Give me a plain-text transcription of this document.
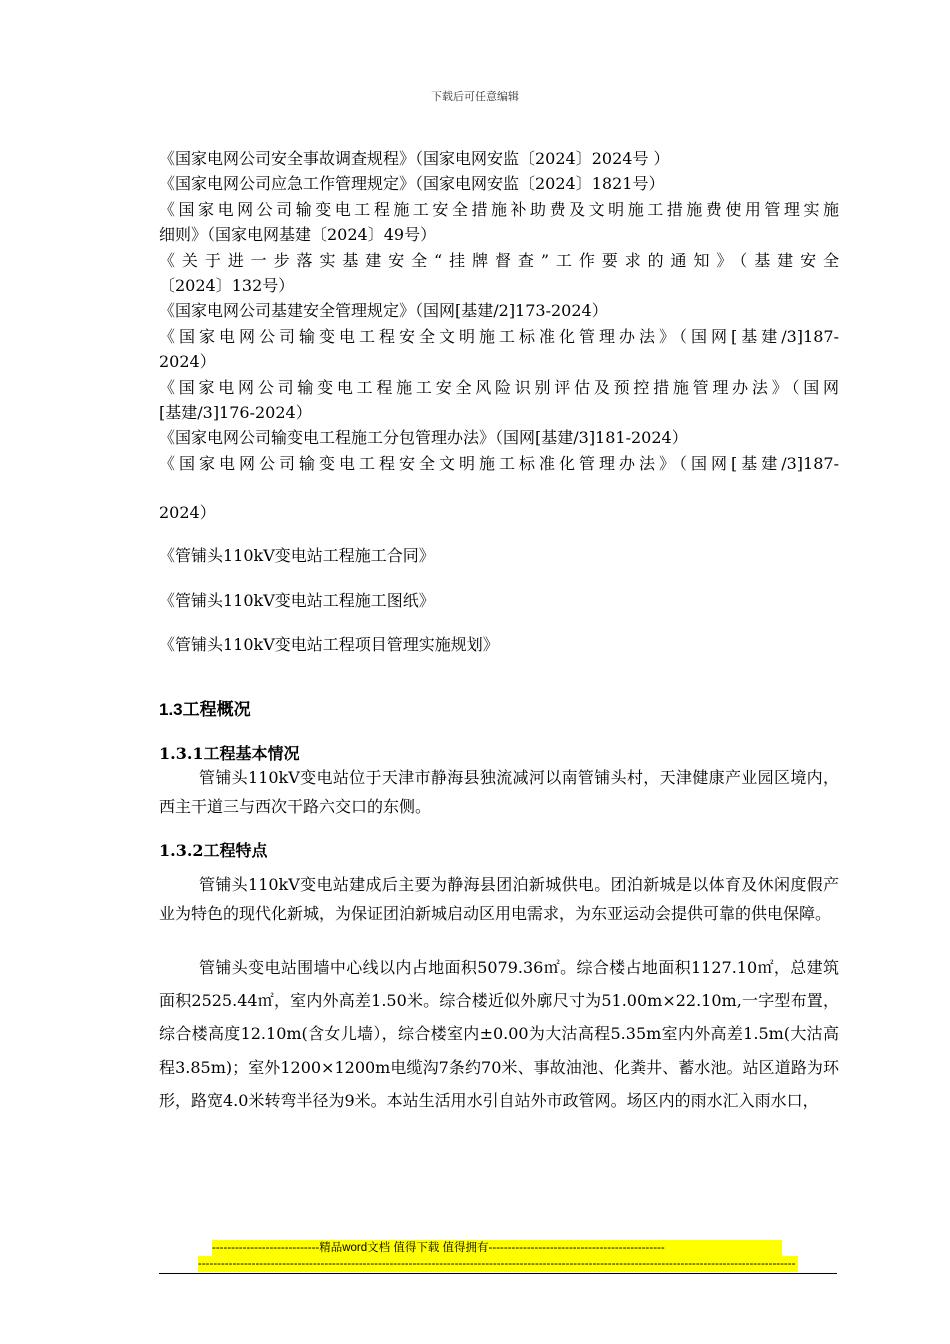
下载后可任意编辑
《国家电网公司安全事故调查规程》（国家电网安监〔2024〕2024号 ）
《国家电网公司应急工作管理规定》（国家电网安监〔2024〕1821号）
《国家电网公司输变电工程施工安全措施补助费及文明施工措施费使用管理实施
细则》（国家电网基建〔2024〕49号）
《关于进一步落实基建安全“挂牌督查”工作要求的通知》（基建安全
〔2024〕132号）
《国家电网公司基建安全管理规定》（国网[基建/2]173-2024）
《国家电网公司输变电工程安全文明施工标准化管理办法》（国网[基建/3]187-
2024）
《国家电网公司输变电工程施工安全风险识别评估及预控措施管理办法》（国网
[基建/3]176-2024）
《国家电网公司输变电工程施工分包管理办法》（国网[基建/3]181-2024）
《国家电网公司输变电工程安全文明施工标准化管理办法》（国网[基建/3]187-
2024）
《管铺头110kV变电站工程施工合同》
《管铺头110kV变电站工程施工图纸》
《管铺头110kV变电站工程项目管理实施规划》
1.3工程概况
1.3.1工程基本情况
管铺头110kV变电站位于天津市静海县独流减河以南管铺头村，天津健康产业园区境内，西主干道三与西次干路六交口的东侧。
1.3.2工程特点
管铺头110kV变电站建成后主要为静海县团泊新城供电。团泊新城是以体育及休闲度假产业为特色的现代化新城，为保证团泊新城启动区用电需求，为东亚运动会提供可靠的供电保障。
管铺头变电站围墙中心线以内占地面积5079.36㎡。综合楼占地面积1127.10㎡，总建筑面积2525.44㎡，室内外高差1.50米。综合楼近似外廓尺寸为51.00m×22.10m,一字型布置，综合楼高度12.10m(含女儿墙），综合楼室内±0.00为大沽高程5.35m室内外高差1.5m(大沽高程3.85m)；室外1200×1200m电缆沟7条约70米、事故油池、化粪井、蓄水池。站区道路为环形，路宽4.0米转弯半径为9米。本站生活用水引自站外市政管网。场区内的雨水汇入雨水口，
----------------------------精品word文档 值得下载 值得拥有----------------------------------------------
------------------------------------------------------------------------------------------------------------------------------------------------------------
